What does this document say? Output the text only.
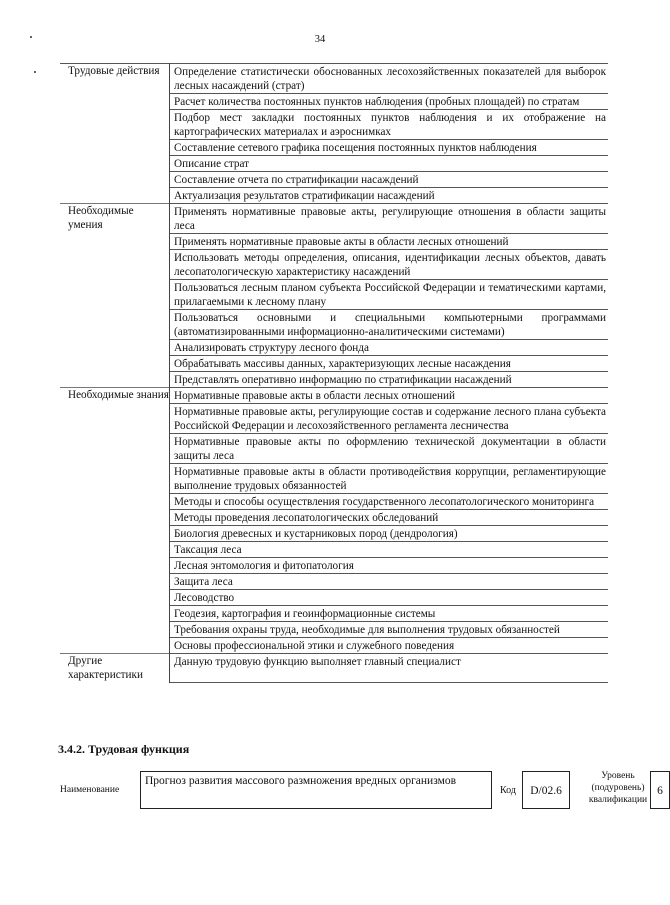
34
Трудовые действия	Определение статистически обоснованных лесохозяйственных показателей для выборок лесных насаждений (страт)
	Расчет количества постоянных пунктов наблюдения (пробных площадей) по стратам
	Подбор мест закладки постоянных пунктов наблюдения и их отображение на картографических материалах и аэроснимках
	Составление сетевого графика посещения постоянных пунктов наблюдения
	Описание страт
	Составление отчета по стратификации насаждений
	Актуализация результатов стратификации насаждений
Необходимые умения	Применять нормативные правовые акты, регулирующие отношения в области защиты леса
	Применять нормативные правовые акты в области лесных отношений
	Использовать методы определения, описания, идентификации лесных объектов, давать лесопатологическую характеристику насаждений
	Пользоваться лесным планом субъекта Российской Федерации и тематическими картами, прилагаемыми к лесному плану
	Пользоваться основными и специальными компьютерными программами (автоматизированными информационно-аналитическими системами)
	Анализировать структуру лесного фонда
	Обрабатывать массивы данных, характеризующих лесные насаждения
	Представлять оперативно информацию по стратификации насаждений
Необходимые знания	Нормативные правовые акты в области лесных отношений
	Нормативные правовые акты, регулирующие состав и содержание лесного плана субъекта Российской Федерации и лесохозяйственного регламента лесничества
	Нормативные правовые акты по оформлению технической документации в области защиты леса
	Нормативные правовые акты в области противодействия коррупции, регламентирующие выполнение трудовых обязанностей
	Методы и способы осуществления государственного лесопатологического мониторинга
	Методы проведения лесопатологических обследований
	Биология древесных и кустарниковых пород (дендрология)
	Таксация леса
	Лесная энтомология и фитопатология
	Защита леса
	Лесоводство
	Геодезия, картография и геоинформационные системы
	Требования охраны труда, необходимые для выполнения трудовых обязанностей
	Основы профессиональной этики и служебного поведения
Другие характеристики	Данную трудовую функцию выполняет главный специалист
3.4.2. Трудовая функция
Наименование
Прогноз развития массового размножения вредных организмов
Код	D/02.6
Уровень
(подуровень)
квалификации
6
